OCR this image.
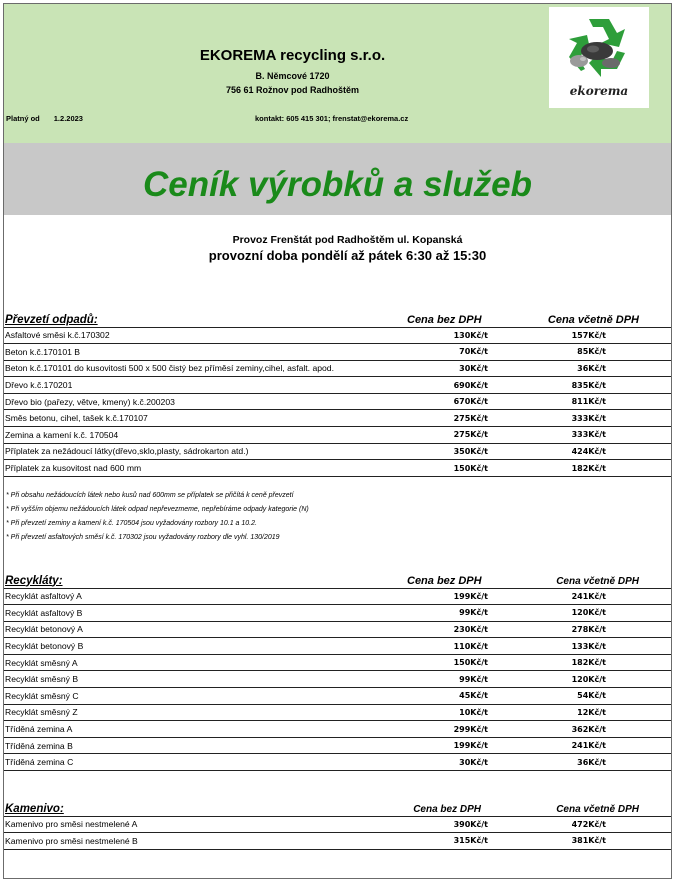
EKOREMA recycling s.r.o.
B. Němcové 1720
756 61 Rožnov pod Radhoštěm
Platný od 1.2.2023	kontakt: 605 415 301; frenstat@ekorema.cz
ekorema
Ceník výrobků a služeb
Provoz Frenštát pod Radhoštěm ul. Kopanská
provozní doba pondělí až pátek 6:30 až 15:30
Převzetí odpadů:	Cena bez DPH	Cena včetně DPH	
Asfaltové směsi k.č.170302	130Kč/t	157Kč/t	
Beton k.č.170101 B	70Kč/t	85Kč/t	
Beton k.č.170101 do kusovitosti 500 x 500 čistý bez příměsí zeminy,cihel, asfalt. apod.	30Kč/t	36Kč/t	
Dřevo k.č.170201	690Kč/t	835Kč/t	
Dřevo bio (pařezy, větve, kmeny) k.č.200203	670Kč/t	811Kč/t	
Směs betonu, cihel, tašek k.č.170107	275Kč/t	333Kč/t	
Zemina a kamení k.č. 170504	275Kč/t	333Kč/t	
Příplatek za nežádoucí látky(dřevo,sklo,plasty, sádrokarton atd.)	350Kč/t	424Kč/t	
Příplatek za kusovitost nad 600 mm	150Kč/t	182Kč/t	
* Při obsahu nežádoucích látek nebo kusů nad 600mm se příplatek se přičítá k ceně převzetí
* Při vyšším objemu nežádoucích látek odpad nepřevezmeme, nepřebíráme odpady kategorie (N)
* Při převzetí zeminy a kamení k.č. 170504 jsou vyžadovány rozbory 10.1 a 10.2.
* Při převzetí asfaltových směsí k.č. 170302 jsou vyžadovány rozbory dle vyhl. 130/2019
Recykláty:	Cena bez DPH	Cena včetně DPH	
Recyklát asfaltový A	199Kč/t	241Kč/t	
Recyklát asfaltový B	99Kč/t	120Kč/t	
Recyklát betonový A	230Kč/t	278Kč/t	
Recyklát betonový B	110Kč/t	133Kč/t	
Recyklát směsný A	150Kč/t	182Kč/t	
Recyklát směsný B	99Kč/t	120Kč/t	
Recyklát směsný C	45Kč/t	54Kč/t	
Recyklát směsný Z	10Kč/t	12Kč/t	
Tříděná zemina A	299Kč/t	362Kč/t	
Tříděná zemina B	199Kč/t	241Kč/t	
Tříděná zemina C	30Kč/t	36Kč/t	
Kamenivo:	Cena bez DPH	Cena včetně DPH	
Kamenivo pro směsi nestmelené A	390Kč/t	472Kč/t	
Kamenivo pro směsi nestmelené B	315Kč/t	381Kč/t	
